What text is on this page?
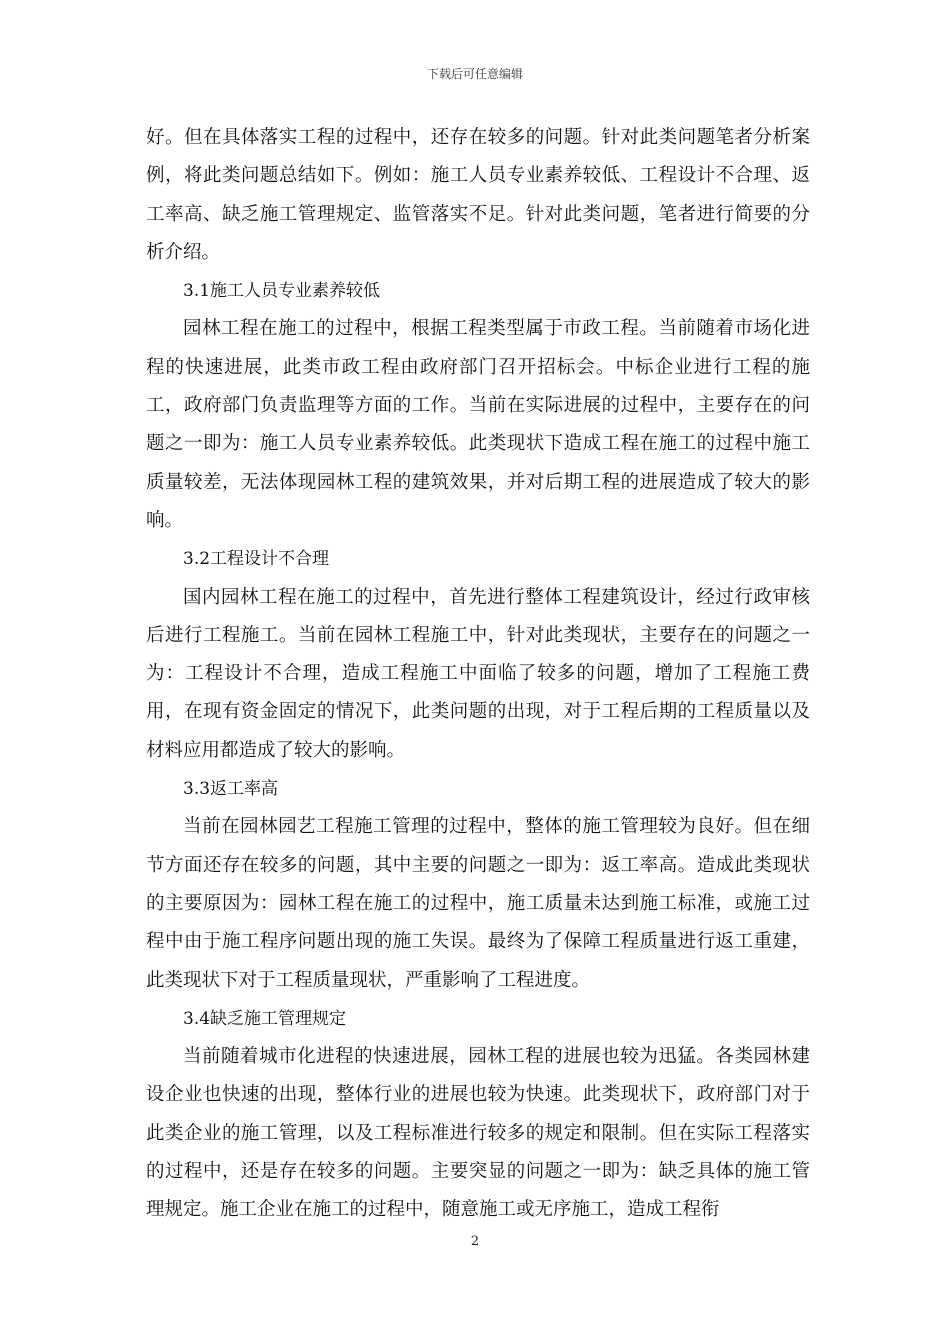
下载后可任意编辑

好。但在具体落实工程的过程中，还存在较多的问题。针对此类问题笔者分析案例，将此类问题总结如下。例如：施工人员专业素养较低、工程设计不合理、返工率高、缺乏施工管理规定、监管落实不足。针对此类问题，笔者进行简要的分析介绍。

3.1施工人员专业素养较低

园林工程在施工的过程中，根据工程类型属于市政工程。当前随着市场化进程的快速进展，此类市政工程由政府部门召开招标会。中标企业进行工程的施工，政府部门负责监理等方面的工作。当前在实际进展的过程中，主要存在的问题之一即为：施工人员专业素养较低。此类现状下造成工程在施工的过程中施工质量较差，无法体现园林工程的建筑效果，并对后期工程的进展造成了较大的影响。

3.2工程设计不合理

国内园林工程在施工的过程中，首先进行整体工程建筑设计，经过行政审核后进行工程施工。当前在园林工程施工中，针对此类现状，主要存在的问题之一为：工程设计不合理，造成工程施工中面临了较多的问题，增加了工程施工费用，在现有资金固定的情况下，此类问题的出现，对于工程后期的工程质量以及材料应用都造成了较大的影响。

3.3返工率高

当前在园林园艺工程施工管理的过程中，整体的施工管理较为良好。但在细节方面还存在较多的问题，其中主要的问题之一即为：返工率高。造成此类现状的主要原因为：园林工程在施工的过程中，施工质量未达到施工标准，或施工过程中由于施工程序问题出现的施工失误。最终为了保障工程质量进行返工重建，此类现状下对于工程质量现状，严重影响了工程进度。

3.4缺乏施工管理规定

当前随着城市化进程的快速进展，园林工程的进展也较为迅猛。各类园林建设企业也快速的出现，整体行业的进展也较为快速。此类现状下，政府部门对于此类企业的施工管理，以及工程标准进行较多的规定和限制。但在实际工程落实的过程中，还是存在较多的问题。主要突显的问题之一即为：缺乏具体的施工管理规定。施工企业在施工的过程中，随意施工或无序施工，造成工程衔

2
